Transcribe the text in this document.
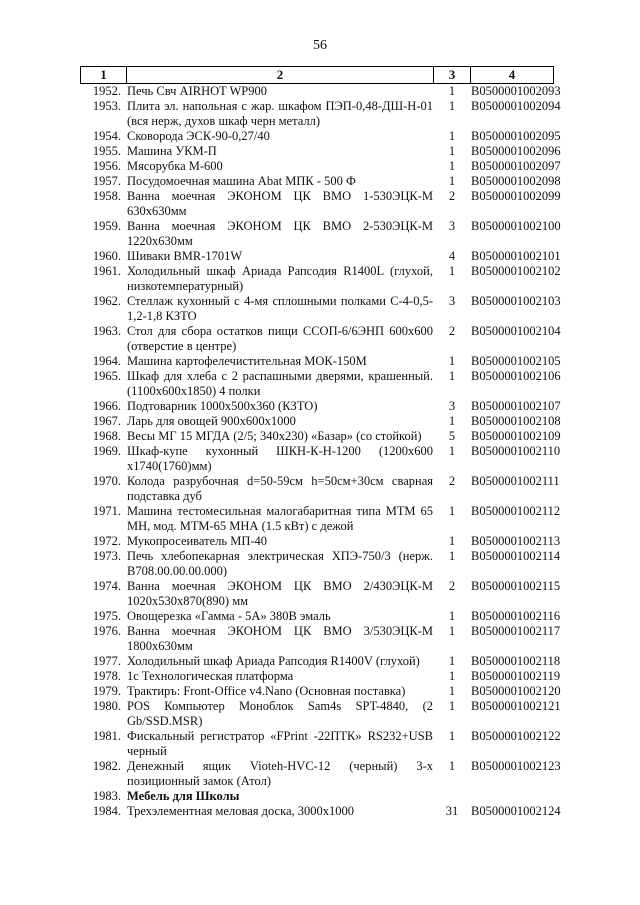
56
1	2	3	4
1952.	Печь Свч AIRHOT WP900	1	B0500001002093
1953.	Плита эл. напольная с жар. шкафом ПЭП-0,48-ДШ-Н-01 (вся нерж, духов шкаф черн металл)	1	B0500001002094
1954.	Сковорода ЭСК-90-0,27/40	1	B0500001002095
1955.	Машина УКМ-П	1	B0500001002096
1956.	Мясорубка М-600	1	B0500001002097
1957.	Посудомоечная машина Abat МПК - 500 Ф	1	B0500001002098
1958.	Ванна моечная ЭКОНОМ ЦК ВМО 1-530ЭЦК-М 630х630мм	2	B0500001002099
1959.	Ванна моечная ЭКОНОМ ЦК ВМО 2-530ЭЦК-М 1220х630мм	3	B0500001002100
1960.	Шиваки BMR-1701W	4	B0500001002101
1961.	Холодильный шкаф Ариада Рапсодия R1400L (глухой, низкотемпературный)	1	B0500001002102
1962.	Стеллаж кухонный с 4-мя сплошными полками С-4-0,5-1,2-1,8 КЗТО	3	B0500001002103
1963.	Стол для сбора остатков пищи ССОП-6/6ЭНП 600х600 (отверстие в центре)	2	B0500001002104
1964.	Машина картофелечистительная МОК-150М	1	B0500001002105
1965.	Шкаф для хлеба с 2 распашными дверями, крашенный. (1100х600х1850) 4 полки	1	B0500001002106
1966.	Подтоварник 1000х500х360 (КЗТО)	3	B0500001002107
1967.	Ларь для овощей 900х600х1000	1	B0500001002108
1968.	Весы МГ 15 МГДА (2/5; 340х230) «Базар» (со стойкой)	5	B0500001002109
1969.	Шкаф-купе кухонный ШКН-К-Н-1200 (1200х600 х1740(1760)мм)	1	B0500001002110
1970.	Колода разрубочная d=50-59см h=50см+30см сварная подставка дуб	2	B0500001002111
1971.	Машина тестомесильная малогабаритная типа МТМ 65 МН, мод. МТМ-65 МНА (1.5 кВт) с дежой	1	B0500001002112
1972.	Мукопросеиватель МП-40	1	B0500001002113
1973.	Печь хлебопекарная электрическая ХПЭ-750/3 (нерж. В708.00.00.00.000)	1	B0500001002114
1974.	Ванна моечная ЭКОНОМ ЦК ВМО 2/430ЭЦК-М 1020х530х870(890) мм	2	B0500001002115
1975.	Овощерезка «Гамма - 5А» 380В эмаль	1	B0500001002116
1976.	Ванна моечная ЭКОНОМ ЦК ВМО 3/530ЭЦК-М 1800х630мм	1	B0500001002117
1977.	Холодильный шкаф Ариада Рапсодия R1400V (глухой)	1	B0500001002118
1978.	1с Технологическая платформа	1	B0500001002119
1979.	Трактиръ: Front-Office v4.Nano (Основная поставка)	1	B0500001002120
1980.	POS Компьютер Моноблок Sam4s SPT-4840, (2 Gb/SSD.MSR)	1	B0500001002121
1981.	Фискальный регистратор «FPrint -22ПТК» RS232+USB черный	1	B0500001002122
1982.	Денежный ящик Vioteh-HVC-12 (черный) 3-х позиционный замок (Атол)	1	B0500001002123
1983.	Мебель для Школы		
1984.	Трехэлементная меловая доска, 3000х1000	31	B0500001002124
